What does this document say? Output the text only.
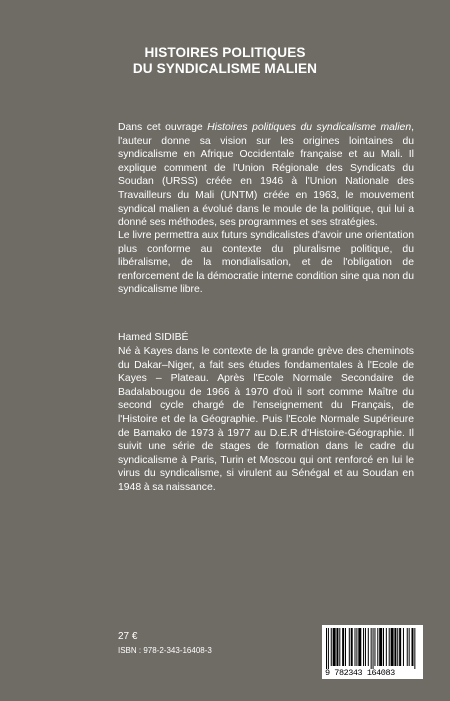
HISTOIRES POLITIQUES
DU SYNDICALISME MALIEN
Dans cet ouvrage Histoires politiques du syndicalisme malien, l'auteur donne sa vision sur les origines lointaines du syndicalisme en Afrique Occidentale française et au Mali. Il explique comment de l'Union Régionale des Syndicats du Soudan (URSS) créée en 1946 à l'Union Nationale des Travailleurs du Mali (UNTM) créée en 1963, le mouvement syndical malien a évolué dans le moule de la politique, qui lui a donné ses méthodes, ses programmes et ses stratégies.
Le livre permettra aux futurs syndicalistes d'avoir une orientation plus conforme au contexte du pluralisme politique, du libéralisme, de la mondialisation, et de l'obligation de renforcement de la démocratie interne condition sine qua non du syndicalisme libre.
Hamed SIDIBÉ
Né à Kayes dans le contexte de la grande grève des cheminots du Dakar–Niger, a fait ses études fondamentales à l'Ecole de Kayes – Plateau. Après l'Ecole Normale Secondaire de Badalabougou de 1966 à 1970 d'où il sort comme Maître du second cycle chargé de l'enseignement du Français, de l'Histoire et de la Géographie. Puis l'Ecole Normale Supérieure de Bamako de 1973 à 1977 au D.E.R d'Histoire-Géographie. Il suivit une série de stages de formation dans le cadre du syndicalisme à Paris, Turin et Moscou qui ont renforcé en lui le virus du syndicalisme, si virulent au Sénégal et au Soudan en 1948 à sa naissance.
27 €
ISBN : 978-2-343-16408-3
9 782343 164083
